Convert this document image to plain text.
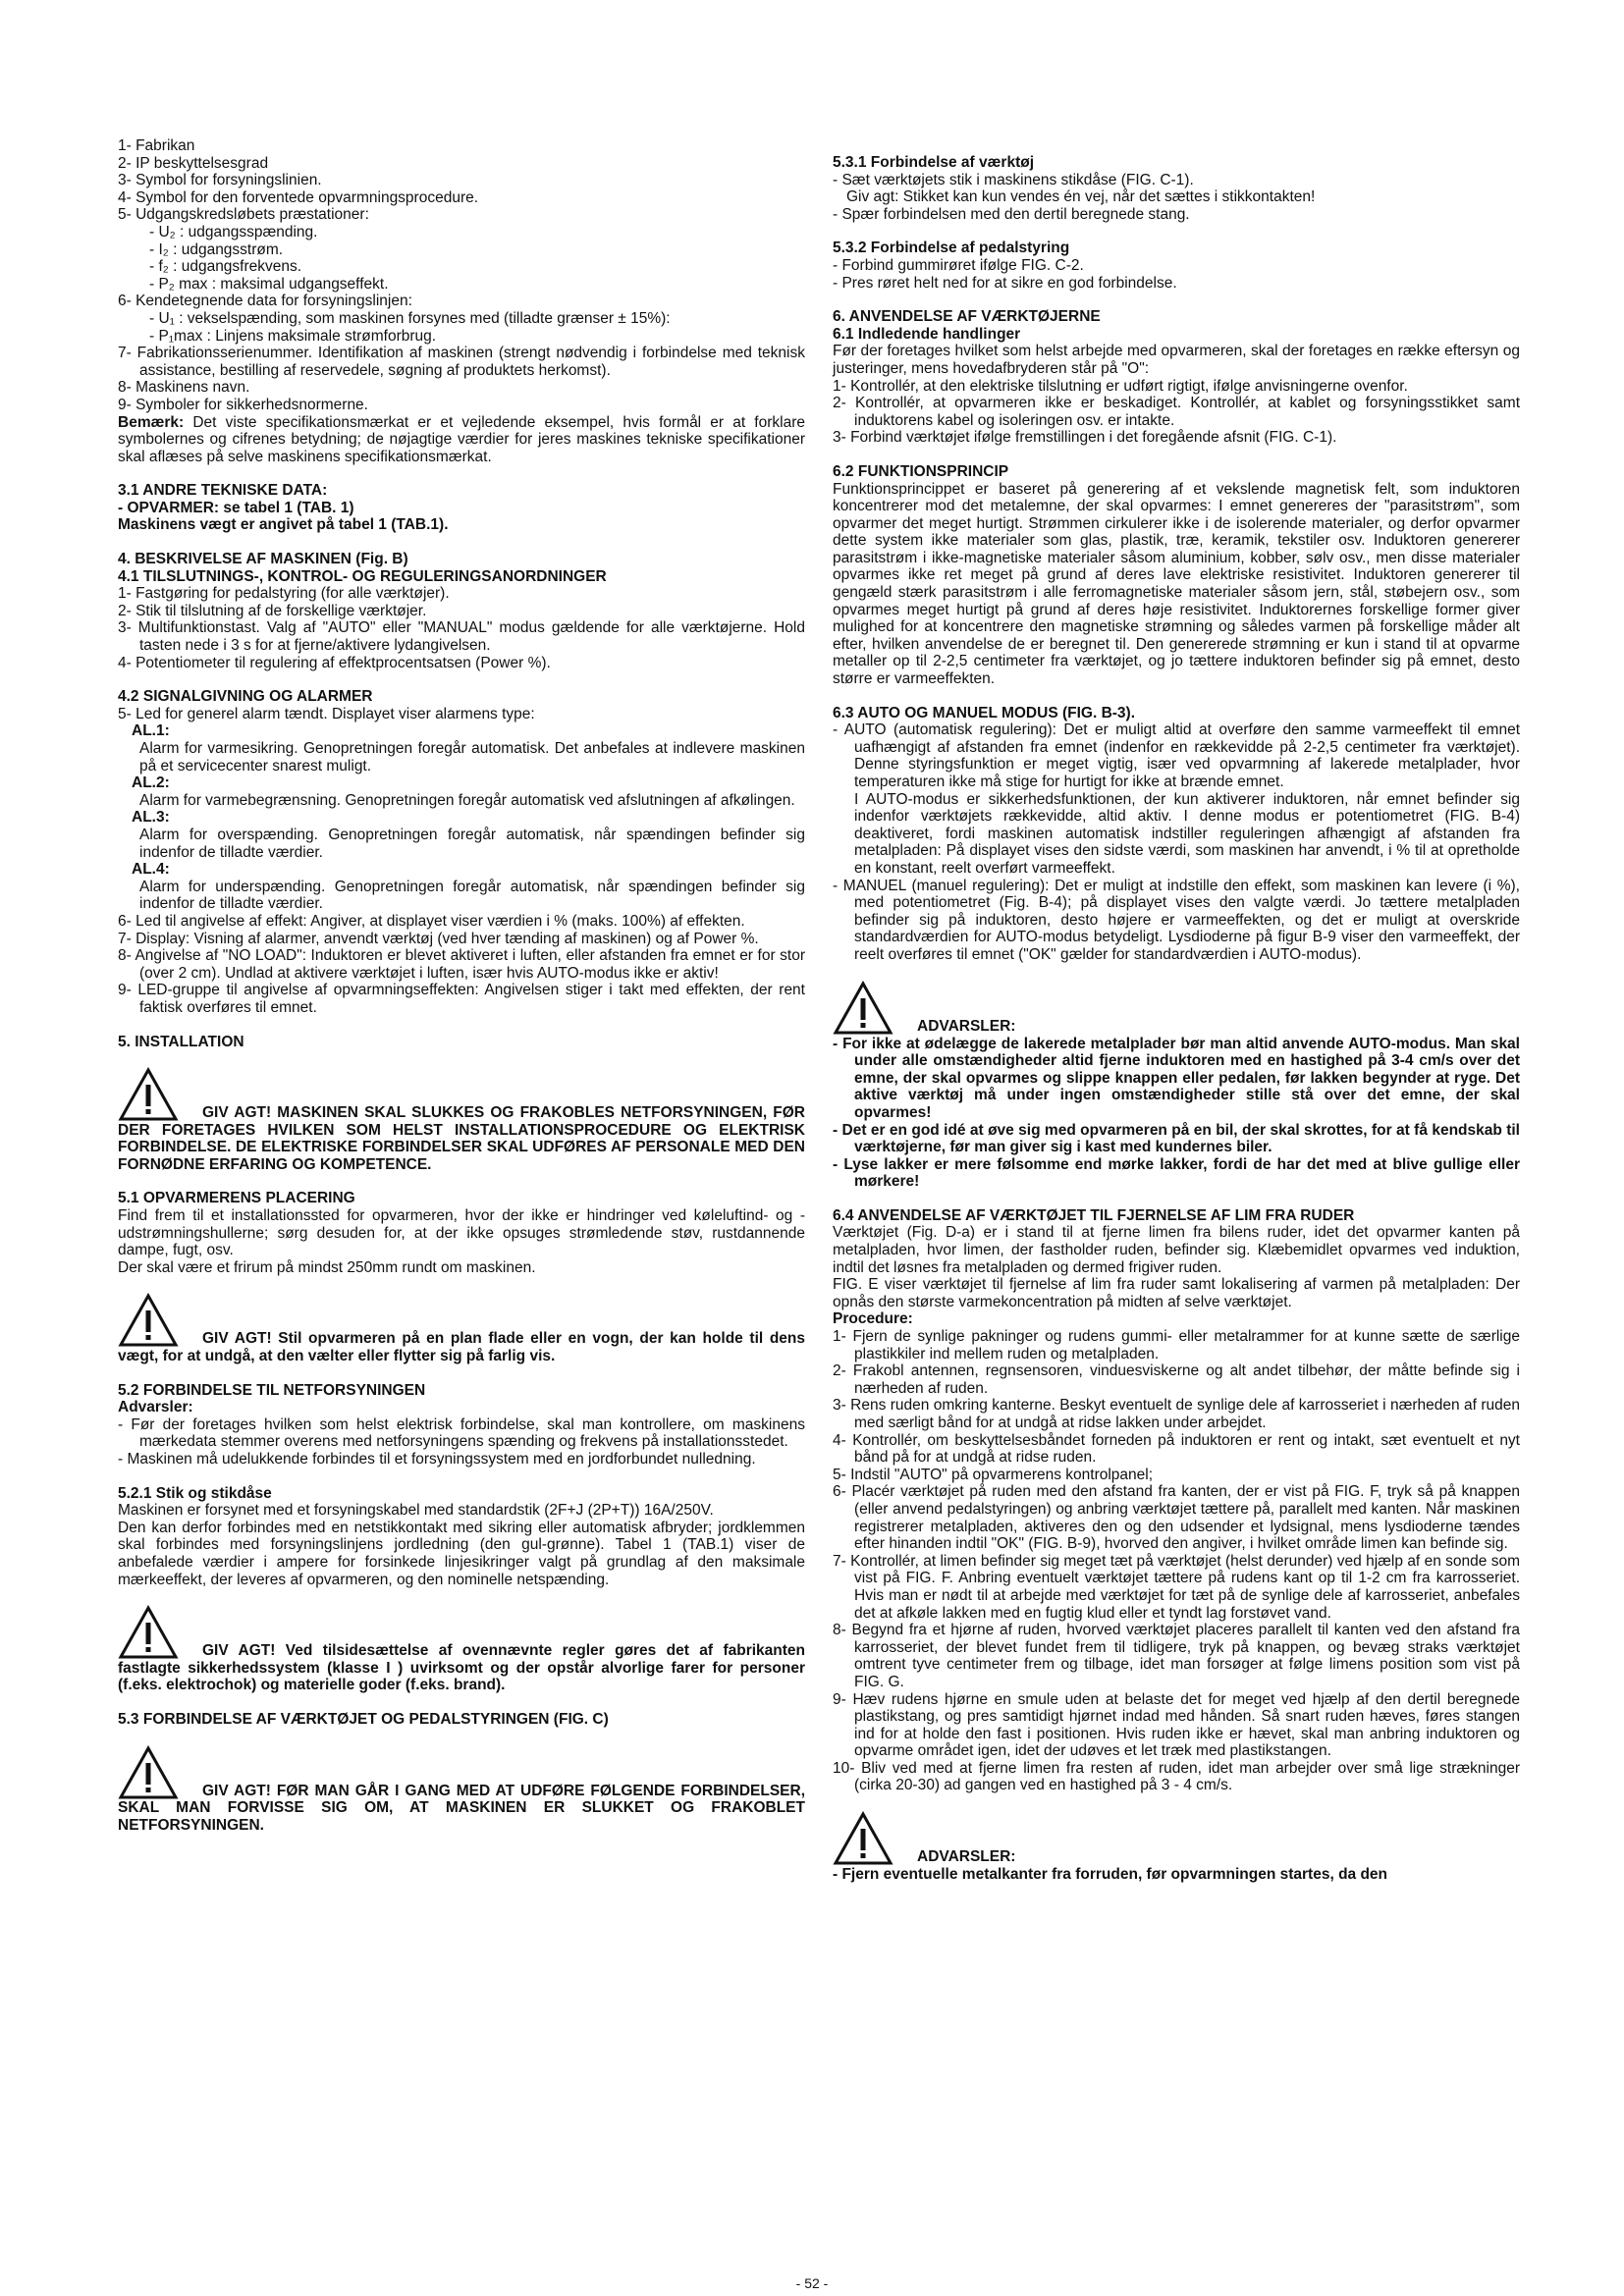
1- Fabrikan

2- IP beskyttelsesgrad

3- Symbol for forsyningslinien.

4- Symbol for den forventede opvarmningsprocedure.

5- Udgangskredsløbets præstationer:

- U₂ : udgangsspænding.

- I₂ : udgangsstrøm.

- f₂ : udgangsfrekvens.

- P₂ max : maksimal udgangseffekt.

6- Kendetegnende data for forsyningslinjen:

- U₁ : vekselspænding, som maskinen forsynes med (tilladte grænser ± 15%):

- P₁max : Linjens maksimale strømforbrug.

7- Fabrikationsserienummer. Identifikation af maskinen (strengt nødvendig i forbindelse med teknisk assistance, bestilling af reservedele, søgning af produktets herkomst).

8- Maskinens navn.

9- Symboler for sikkerhedsnormerne.

Bemærk: Det viste specifikationsmærkat er et vejledende eksempel, hvis formål er at forklare symbolernes og cifrenes betydning; de nøjagtige værdier for jeres maskines tekniske specifikationer skal aflæses på selve maskinens specifikationsmærkat.

3.1 ANDRE TEKNISKE DATA:

- OPVARMER: se tabel 1 (TAB. 1)

Maskinens vægt er angivet på tabel 1 (TAB.1).

4. BESKRIVELSE AF MASKINEN (Fig. B)

4.1 TILSLUTNINGS-, KONTROL- OG REGULERINGSANORDNINGER

1- Fastgøring for pedalstyring (for alle værktøjer).

2- Stik til tilslutning af de forskellige værktøjer.

3- Multifunktionstast. Valg af "AUTO" eller "MANUAL" modus gældende for alle værktøjerne. Hold tasten nede i 3 s for at fjerne/aktivere lydangivelsen.

4- Potentiometer til regulering af effektprocentsatsen (Power %).

4.2 SIGNALGIVNING OG ALARMER

5- Led for generel alarm tændt. Displayet viser alarmens type:

AL.1:

Alarm for varmesikring. Genopretningen foregår automatisk. Det anbefales at indlevere maskinen på et servicecenter snarest muligt.

AL.2:

Alarm for varmebegrænsning. Genopretningen foregår automatisk ved afslutningen af afkølingen.

AL.3:

Alarm for overspænding. Genopretningen foregår automatisk, når spændingen befinder sig indenfor de tilladte værdier.

AL.4:

Alarm for underspænding. Genopretningen foregår automatisk, når spændingen befinder sig indenfor de tilladte værdier.

6- Led til angivelse af effekt: Angiver, at displayet viser værdien i % (maks. 100%) af effekten.

7- Display: Visning af alarmer, anvendt værktøj (ved hver tænding af maskinen) og af Power %.

8- Angivelse af "NO LOAD": Induktoren er blevet aktiveret i luften, eller afstanden fra emnet er for stor (over 2 cm). Undlad at aktivere værktøjet i luften, især hvis AUTO-modus ikke er aktiv!

9- LED-gruppe til angivelse af opvarmningseffekten: Angivelsen stiger i takt med effekten, der rent faktisk overføres til emnet.

5. INSTALLATION

GIV AGT! MASKINEN SKAL SLUKKES OG FRAKOBLES NETFORSYNINGEN, FØR DER FORETAGES HVILKEN SOM HELST INSTALLATIONSPROCEDURE OG ELEKTRISK FORBINDELSE. DE ELEKTRISKE FORBINDELSER SKAL UDFØRES AF PERSONALE MED DEN FORNØDNE ERFARING OG KOMPETENCE.

5.1 OPVARMERENS PLACERING

Find frem til et installationssted for opvarmeren, hvor der ikke er hindringer ved køleluftind- og -udstrømningshullerne; sørg desuden for, at der ikke opsuges strømledende støv, rustdannende dampe, fugt, osv.

Der skal være et frirum på mindst 250mm rundt om maskinen.

GIV AGT! Stil opvarmeren på en plan flade eller en vogn, der kan holde til dens vægt, for at undgå, at den vælter eller flytter sig på farlig vis.

5.2 FORBINDELSE TIL NETFORSYNINGEN

Advarsler:

- Før der foretages hvilken som helst elektrisk forbindelse, skal man kontrollere, om maskinens mærkedata stemmer overens med netforsyningens spænding og frekvens på installationsstedet.

- Maskinen må udelukkende forbindes til et forsyningssystem med en jordforbundet nulledning.

5.2.1 Stik og stikdåse

Maskinen er forsynet med et forsyningskabel med standardstik (2F+J (2P+T)) 16A/250V.

Den kan derfor forbindes med en netstikkontakt med sikring eller automatisk afbryder; jordklemmen skal forbindes med forsyningslinjens jordledning (den gul-grønne). Tabel 1 (TAB.1) viser de anbefalede værdier i ampere for forsinkede linjesikringer valgt på grundlag af den maksimale mærkeeffekt, der leveres af opvarmeren, og den nominelle netspænding.

GIV AGT! Ved tilsidesættelse af ovennævnte regler gøres det af fabrikanten fastlagte sikkerhedssystem (klasse I ) uvirksomt og der opstår alvorlige farer for personer (f.eks. elektrochok) og materielle goder (f.eks. brand).

5.3 FORBINDELSE AF VÆRKTØJET OG PEDALSTYRINGEN (FIG. C)

GIV AGT! FØR MAN GÅR I GANG MED AT UDFØRE FØLGENDE FORBINDELSER, SKAL MAN FORVISSE SIG OM, AT MASKINEN ER SLUKKET OG FRAKOBLET NETFORSYNINGEN.

5.3.1 Forbindelse af værktøj

- Sæt værktøjets stik i maskinens stikdåse (FIG. C-1).

Giv agt: Stikket kan kun vendes én vej, når det sættes i stikkontakten!

- Spær forbindelsen med den dertil beregnede stang.

5.3.2 Forbindelse af pedalstyring

- Forbind gummirøret ifølge FIG. C-2.

- Pres røret helt ned for at sikre en god forbindelse.

6. ANVENDELSE AF VÆRKTØJERNE

6.1 Indledende handlinger

Før der foretages hvilket som helst arbejde med opvarmeren, skal der foretages en række eftersyn og justeringer, mens hovedafbryderen står på "O":

1- Kontrollér, at den elektriske tilslutning er udført rigtigt, ifølge anvisningerne ovenfor.

2- Kontrollér, at opvarmeren ikke er beskadiget. Kontrollér, at kablet og forsyningsstikket samt induktorens kabel og isoleringen osv. er intakte.

3- Forbind værktøjet ifølge fremstillingen i det foregående afsnit (FIG. C-1).

6.2 FUNKTIONSPRINCIP

Funktionsprincippet er baseret på generering af et vekslende magnetisk felt, som induktoren koncentrerer mod det metalemne, der skal opvarmes: I emnet genereres der "parasitstrøm", som opvarmer det meget hurtigt. Strømmen cirkulerer ikke i de isolerende materialer, og derfor opvarmer dette system ikke materialer som glas, plastik, træ, keramik, tekstiler osv. Induktoren genererer parasitstrøm i ikke-magnetiske materialer såsom aluminium, kobber, sølv osv., men disse materialer opvarmes ikke ret meget på grund af deres lave elektriske resistivitet. Induktoren genererer til gengæld stærk parasitstrøm i alle ferromagnetiske materialer såsom jern, stål, støbejern osv., som opvarmes meget hurtigt på grund af deres høje resistivitet. Induktorernes forskellige former giver mulighed for at koncentrere den magnetiske strømning og således varmen på forskellige måder alt efter, hvilken anvendelse de er beregnet til. Den genererede strømning er kun i stand til at opvarme metaller op til 2-2,5 centimeter fra værktøjet, og jo tættere induktoren befinder sig på emnet, desto større er varmeeffekten.

6.3 AUTO OG MANUEL MODUS (FIG. B-3).

- AUTO (automatisk regulering): Det er muligt altid at overføre den samme varmeeffekt til emnet uafhængigt af afstanden fra emnet (indenfor en rækkevidde på 2-2,5 centimeter fra værktøjet). Denne styringsfunktion er meget vigtig, især ved opvarmning af lakerede metalplader, hvor temperaturen ikke må stige for hurtigt for ikke at brænde emnet.

I AUTO-modus er sikkerhedsfunktionen, der kun aktiverer induktoren, når emnet befinder sig indenfor værktøjets rækkevidde, altid aktiv. I denne modus er potentiometret (FIG. B-4) deaktiveret, fordi maskinen automatisk indstiller reguleringen afhængigt af afstanden fra metalpladen: På displayet vises den sidste værdi, som maskinen har anvendt, i % til at opretholde en konstant, reelt overført varmeeffekt.

- MANUEL (manuel regulering): Det er muligt at indstille den effekt, som maskinen kan levere (i %), med potentiometret (Fig. B-4); på displayet vises den valgte værdi. Jo tættere metalpladen befinder sig på induktoren, desto højere er varmeeffekten, og det er muligt at overskride standardværdien for AUTO-modus betydeligt. Lysdioderne på figur B-9 viser den varmeeffekt, der reelt overføres til emnet ("OK" gælder for standardværdien i AUTO-modus).

ADVARSLER:

- For ikke at ødelægge de lakerede metalplader bør man altid anvende AUTO-modus. Man skal under alle omstændigheder altid fjerne induktoren med en hastighed på 3-4 cm/s over det emne, der skal opvarmes og slippe knappen eller pedalen, før lakken begynder at ryge. Det aktive værktøj må under ingen omstændigheder stille stå over det emne, der skal opvarmes!

- Det er en god idé at øve sig med opvarmeren på en bil, der skal skrottes, for at få kendskab til værktøjerne, før man giver sig i kast med kundernes biler.

- Lyse lakker er mere følsomme end mørke lakker, fordi de har det med at blive gullige eller mørkere!

6.4 ANVENDELSE AF VÆRKTØJET TIL FJERNELSE AF LIM FRA RUDER

Værktøjet (Fig. D-a) er i stand til at fjerne limen fra bilens ruder, idet det opvarmer kanten på metalpladen, hvor limen, der fastholder ruden, befinder sig. Klæbemidlet opvarmes ved induktion, indtil det løsnes fra metalpladen og dermed frigiver ruden.

FIG. E viser værktøjet til fjernelse af lim fra ruder samt lokalisering af varmen på metalpladen: Der opnås den største varmekoncentration på midten af selve værktøjet.

Procedure:

1- Fjern de synlige pakninger og rudens gummi- eller metalrammer for at kunne sætte de særlige plastikkiler ind mellem ruden og metalpladen.

2- Frakobl antennen, regnsensoren, vinduesviskerne og alt andet tilbehør, der måtte befinde sig i nærheden af ruden.

3- Rens ruden omkring kanterne. Beskyt eventuelt de synlige dele af karrosseriet i nærheden af ruden med særligt bånd for at undgå at ridse lakken under arbejdet.

4- Kontrollér, om beskyttelsesbåndet forneden på induktoren er rent og intakt, sæt eventuelt et nyt bånd på for at undgå at ridse ruden.

5- Indstil "AUTO" på opvarmerens kontrolpanel;

6- Placér værktøjet på ruden med den afstand fra kanten, der er vist på FIG. F, tryk så på knappen (eller anvend pedalstyringen) og anbring værktøjet tættere på, parallelt med kanten. Når maskinen registrerer metalpladen, aktiveres den og den udsender et lydsignal, mens lysdioderne tændes efter hinanden indtil "OK" (FIG. B-9), hvorved den angiver, i hvilket område limen kan befinde sig.

7- Kontrollér, at limen befinder sig meget tæt på værktøjet (helst derunder) ved hjælp af en sonde som vist på FIG. F. Anbring eventuelt værktøjet tættere på rudens kant op til 1-2 cm fra karrosseriet. Hvis man er nødt til at arbejde med værktøjet for tæt på de synlige dele af karrosseriet, anbefales det at afkøle lakken med en fugtig klud eller et tyndt lag forstøvet vand.

8- Begynd fra et hjørne af ruden, hvorved værktøjet placeres parallelt til kanten ved den afstand fra karrosseriet, der blevet fundet frem til tidligere, tryk på knappen, og bevæg straks værktøjet omtrent tyve centimeter frem og tilbage, idet man forsøger at følge limens position som vist på FIG. G.

9- Hæv rudens hjørne en smule uden at belaste det for meget ved hjælp af den dertil beregnede plastikstang, og pres samtidigt hjørnet indad med hånden. Så snart ruden hæves, føres stangen ind for at holde den fast i positionen. Hvis ruden ikke er hævet, skal man anbring induktoren og opvarme området igen, idet der udøves et let træk med plastikstangen.

10- Bliv ved med at fjerne limen fra resten af ruden, idet man arbejder over små lige strækninger (cirka 20-30) ad gangen ved en hastighed på 3 - 4 cm/s.

ADVARSLER:

- Fjern eventuelle metalkanter fra forruden, før opvarmningen startes, da den

- 52 -
